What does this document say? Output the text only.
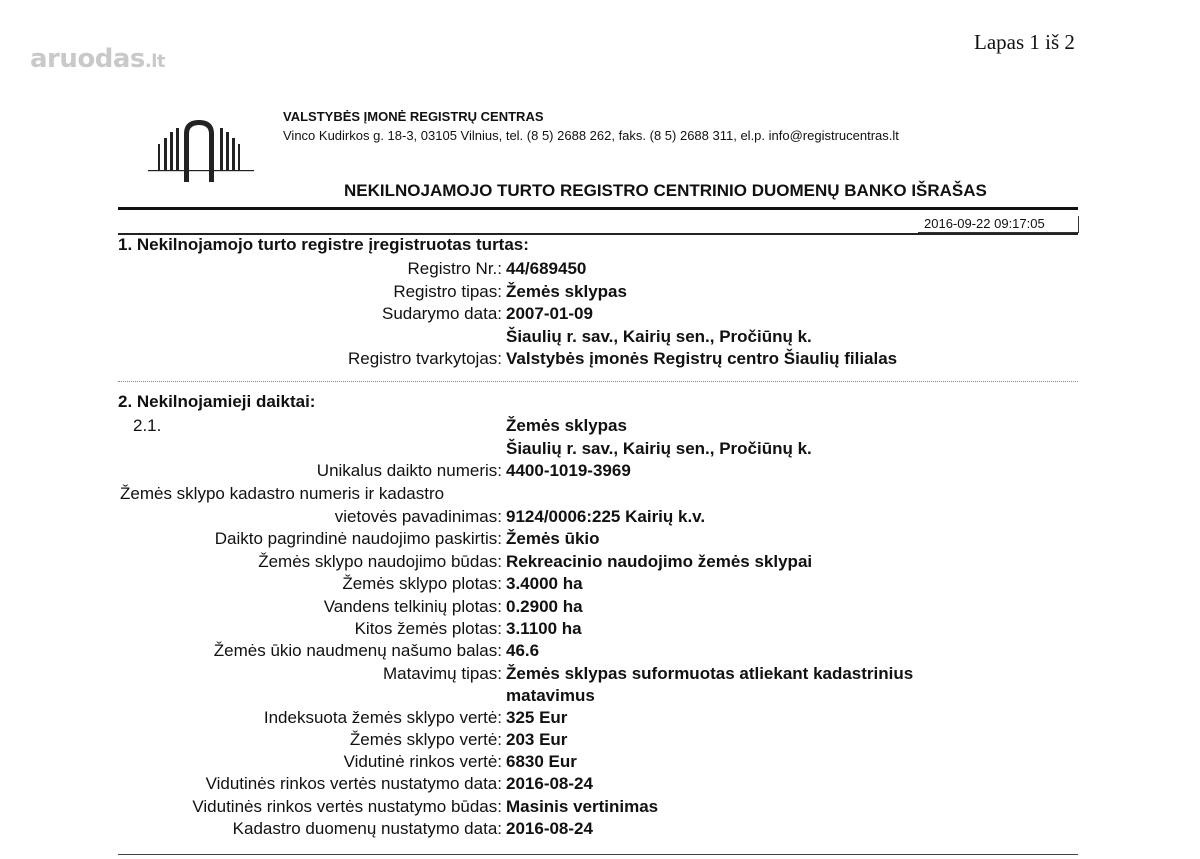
aruodas.lt
Lapas 1 iš 2
VALSTYBĖS ĮMONĖ REGISTRŲ CENTRAS
Vinco Kudirkos g. 18-3, 03105 Vilnius, tel. (8 5) 2688 262, faks. (8 5) 2688 311, el.p. info@registrucentras.lt
NEKILNOJAMOJO TURTO REGISTRO CENTRINIO DUOMENŲ BANKO IŠRAŠAS
2016-09-22 09:17:05
1. Nekilnojamojo turto registre įregistruotas turtas:
Registro Nr.: 44/689450
Registro tipas: Žemės sklypas
Sudarymo data: 2007-01-09
Šiaulių r. sav., Kairių sen., Pročiūnų k.
Registro tvarkytojas: Valstybės įmonės Registrų centro Šiaulių filialas
2. Nekilnojamieji daiktai:
2.1.	Žemės sklypas
Šiaulių r. sav., Kairių sen., Pročiūnų k.
Unikalus daikto numeris: 4400-1019-3969
Žemės sklypo kadastro numeris ir kadastro
vietovės pavadinimas: 9124/0006:225 Kairių k.v.
Daikto pagrindinė naudojimo paskirtis: Žemės ūkio
Žemės sklypo naudojimo būdas: Rekreacinio naudojimo žemės sklypai
Žemės sklypo plotas: 3.4000 ha
Vandens telkinių plotas: 0.2900 ha
Kitos žemės plotas: 3.1100 ha
Žemės ūkio naudmenų našumo balas: 46.6
Matavimų tipas: Žemės sklypas suformuotas atliekant kadastrinius
matavimus
Indeksuota žemės sklypo vertė: 325 Eur
Žemės sklypo vertė: 203 Eur
Vidutinė rinkos vertė: 6830 Eur
Vidutinės rinkos vertės nustatymo data: 2016-08-24
Vidutinės rinkos vertės nustatymo būdas: Masinis vertinimas
Kadastro duomenų nustatymo data: 2016-08-24
